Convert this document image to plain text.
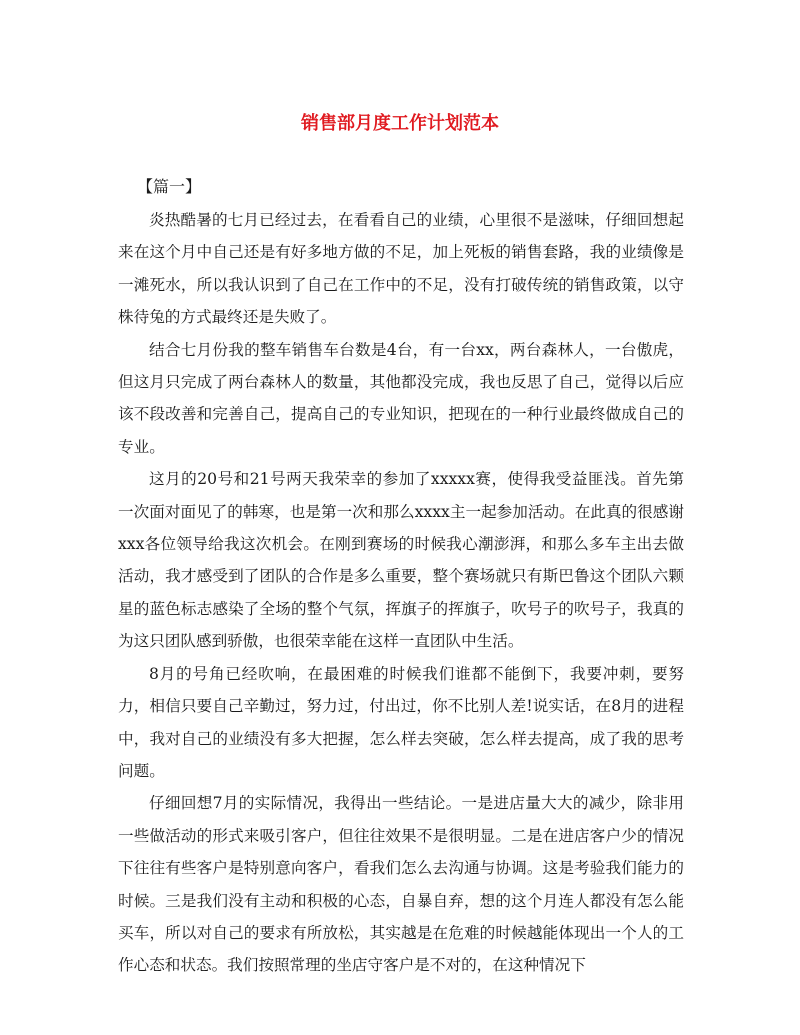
销售部月度工作计划范本
【篇一】

炎热酷暑的七月已经过去，在看看自己的业绩，心里很不是滋味，仔细回想起来在这个月中自己还是有好多地方做的不足，加上死板的销售套路，我的业绩像是一滩死水，所以我认识到了自己在工作中的不足，没有打破传统的销售政策，以守株待兔的方式最终还是失败了。

结合七月份我的整车销售车台数是4台，有一台xx，两台森林人，一台傲虎，但这月只完成了两台森林人的数量，其他都没完成，我也反思了自己，觉得以后应该不段改善和完善自己，提高自己的专业知识，把现在的一种行业最终做成自己的专业。

这月的20号和21号两天我荣幸的参加了xxxxx赛，使得我受益匪浅。首先第一次面对面见了的韩寒，也是第一次和那么xxxx主一起参加活动。在此真的很感谢xxx各位领导给我这次机会。在刚到赛场的时候我心潮澎湃，和那么多车主出去做活动，我才感受到了团队的合作是多么重要，整个赛场就只有斯巴鲁这个团队六颗星的蓝色标志感染了全场的整个气氛，挥旗子的挥旗子，吹号子的吹号子，我真的为这只团队感到骄傲，也很荣幸能在这样一直团队中生活。

8月的号角已经吹响，在最困难的时候我们谁都不能倒下，我要冲刺，要努力，相信只要自己辛勤过，努力过，付出过，你不比别人差!说实话，在8月的进程中，我对自己的业绩没有多大把握，怎么样去突破，怎么样去提高，成了我的思考问题。

仔细回想7月的实际情况，我得出一些结论。一是进店量大大的减少，除非用一些做活动的形式来吸引客户，但往往效果不是很明显。二是在进店客户少的情况下往往有些客户是特别意向客户，看我们怎么去沟通与协调。这是考验我们能力的时候。三是我们没有主动和积极的心态，自暴自弃，想的这个月连人都没有怎么能买车，所以对自己的要求有所放松，其实越是在危难的时候越能体现出一个人的工作心态和状态。我们按照常理的坐店守客户是不对的，在这种情况下
